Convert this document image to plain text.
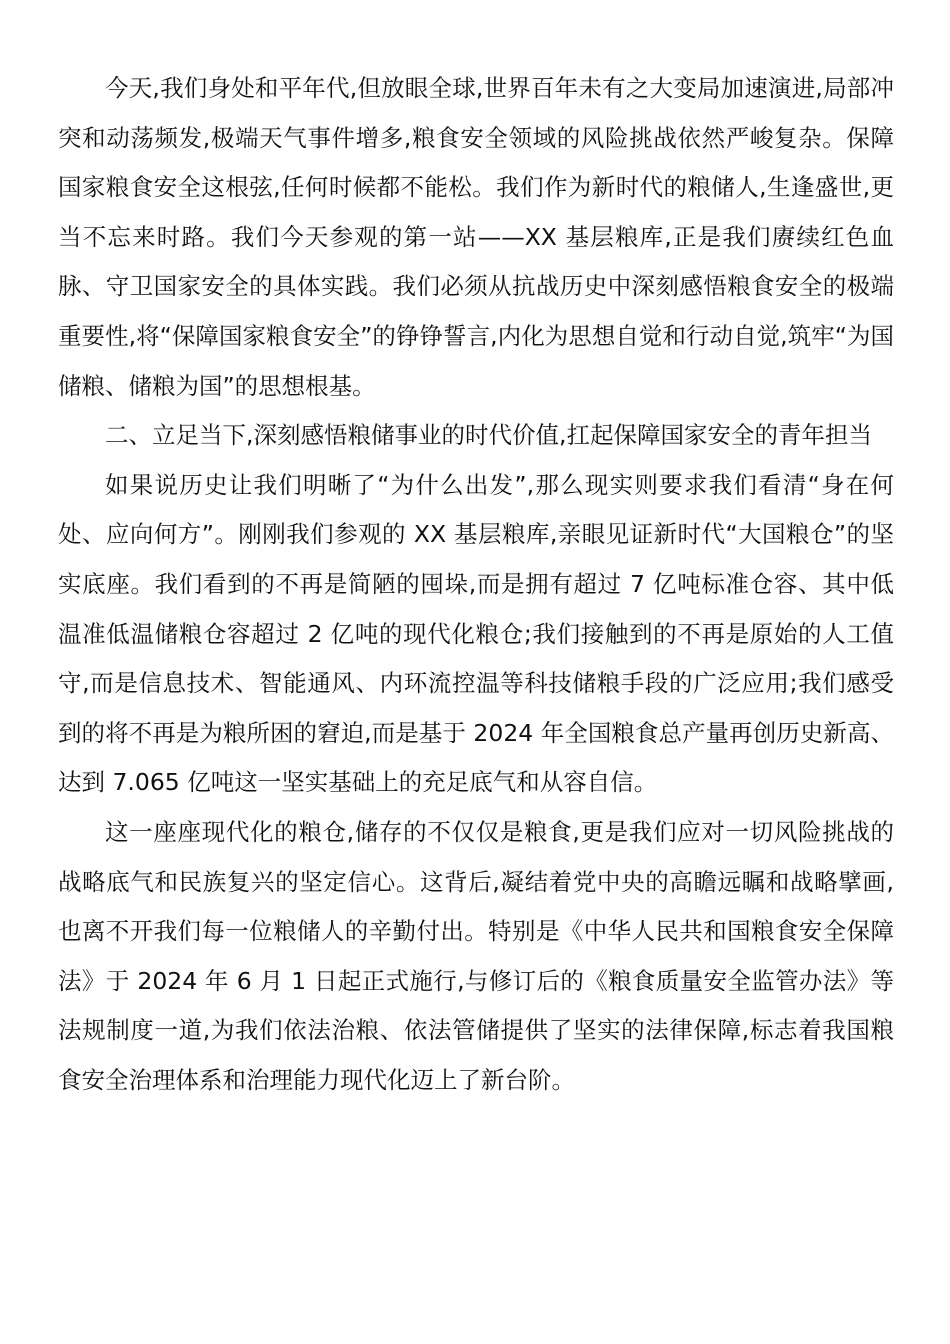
今天,我们身处和平年代,但放眼全球,世界百年未有之大变局加速演进,局部冲突和动荡频发,极端天气事件增多,粮食安全领域的风险挑战依然严峻复杂。保障国家粮食安全这根弦,任何时候都不能松。我们作为新时代的粮储人,生逢盛世,更当不忘来时路。我们今天参观的第一站——XX 基层粮库,正是我们赓续红色血脉、守卫国家安全的具体实践。我们必须从抗战历史中深刻感悟粮食安全的极端重要性,将“保障国家粮食安全”的铮铮誓言,内化为思想自觉和行动自觉,筑牢“为国储粮、储粮为国”的思想根基。

二、立足当下,深刻感悟粮储事业的时代价值,扛起保障国家安全的青年担当

如果说历史让我们明晰了“为什么出发”,那么现实则要求我们看清“身在何处、应向何方”。刚刚我们参观的 XX 基层粮库,亲眼见证新时代“大国粮仓”的坚实底座。我们看到的不再是简陋的囤垛,而是拥有超过 7 亿吨标准仓容、其中低温准低温储粮仓容超过 2 亿吨的现代化粮仓;我们接触到的不再是原始的人工值守,而是信息技术、智能通风、内环流控温等科技储粮手段的广泛应用;我们感受到的将不再是为粮所困的窘迫,而是基于 2024 年全国粮食总产量再创历史新高、达到 7.065 亿吨这一坚实基础上的充足底气和从容自信。

这一座座现代化的粮仓,储存的不仅仅是粮食,更是我们应对一切风险挑战的战略底气和民族复兴的坚定信心。这背后,凝结着党中央的高瞻远瞩和战略擘画,也离不开我们每一位粮储人的辛勤付出。特别是《中华人民共和国粮食安全保障法》于 2024 年 6 月 1 日起正式施行,与修订后的《粮食质量安全监管办法》等法规制度一道,为我们依法治粮、依法管储提供了坚实的法律保障,标志着我国粮食安全治理体系和治理能力现代化迈上了新台阶。
